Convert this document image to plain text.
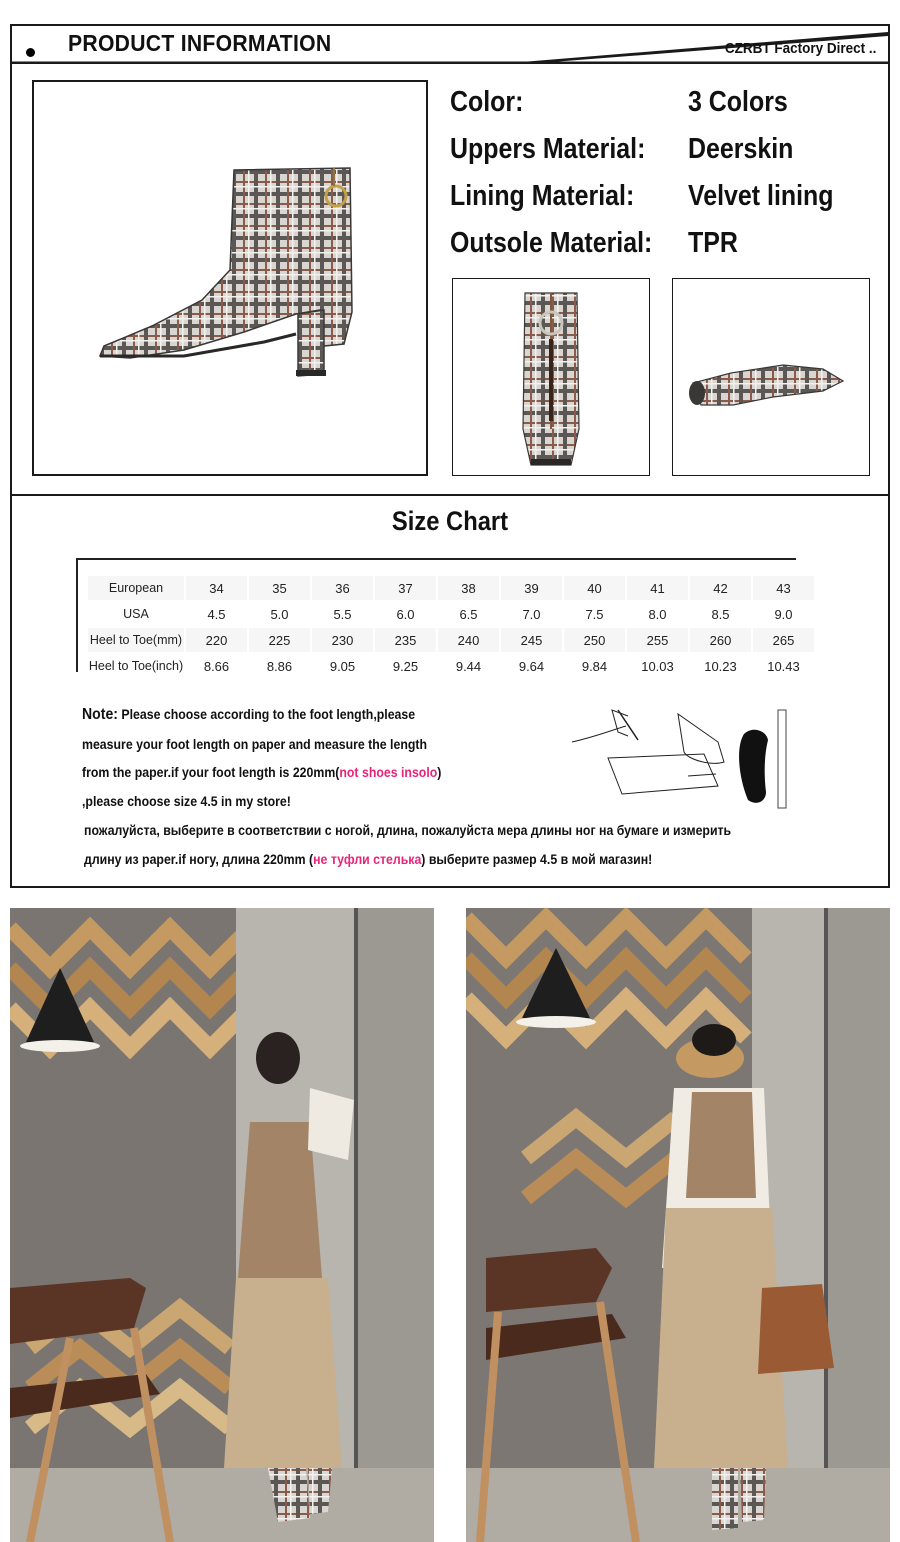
PRODUCT INFORMATION	CZRBT Factory Direct ..
Color:	3 Colors
Uppers Material: Deerskin
Lining Material: Velvet lining
Outsole Material: TPR
Size Chart
European	34	35	36	37	38	39	40	41	42	43
USA	4.5	5.0	5.5	6.0	6.5	7.0	7.5	8.0	8.5	9.0
Heel to Toe(mm)	220	225	230	235	240	245	250	255	260	265
Heel to Toe(inch)	8.66	8.86	9.05	9.25	9.44	9.64	9.84	10.03	10.23	10.43
Note: Please choose according to the foot length,please
measure your foot length on paper and measure the length
from the paper.if your foot length is 220mm(not shoes insolo)
,please choose size 4.5 in my store!
пожалуйста, выберите в соответствии с ногой, длина, пожалуйста мера длины ног на бумаге и измерить
длину из paper.if ногу, длина 220mm (не туфли стелька) выберите размер 4.5 в мой магазин!
